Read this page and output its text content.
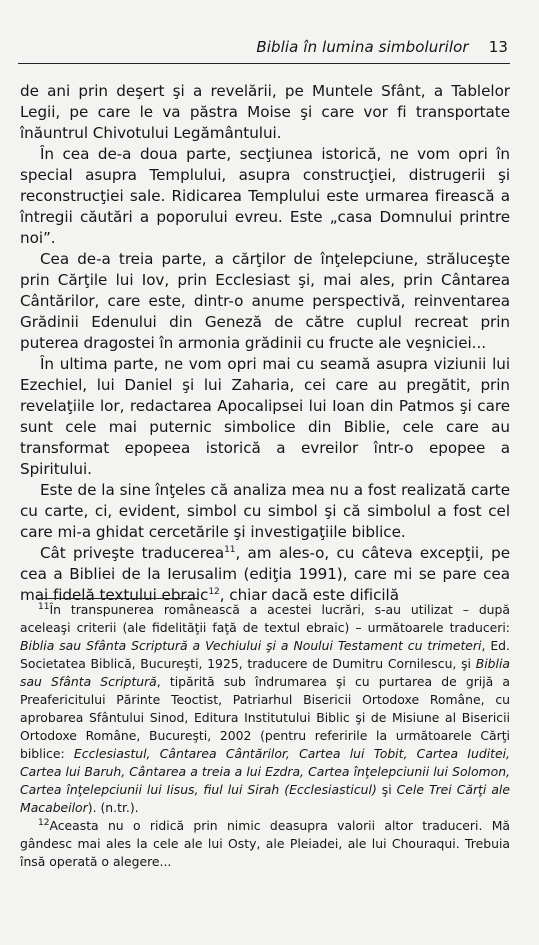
Biblia în lumina simbolurilor 13

de ani prin deşert şi a revelării, pe Muntele Sfânt, a Tablelor Legii, pe care le va păstra Moise şi care vor fi transportate înăuntrul Chivotului Legământului.

În cea de-a doua parte, secţiunea istorică, ne vom opri în special asupra Templului, asupra construcţiei, distrugerii şi reconstrucţiei sale. Ridicarea Templului este urmarea firească a întregii căutări a poporului evreu. Este „casa Domnului printre noi”.

Cea de-a treia parte, a cărţilor de înţelepciune, străluceşte prin Cărţile lui Iov, prin Ecclesiast şi, mai ales, prin Cântarea Cântărilor, care este, dintr-o anume perspectivă, reinventarea Grădinii Edenului din Geneză de către cuplul recreat prin puterea dragostei în armonia grădinii cu fructe ale veşniciei...

În ultima parte, ne vom opri mai cu seamă asupra viziunii lui Ezechiel, lui Daniel şi lui Zaharia, cei care au pregătit, prin revelaţiile lor, redactarea Apocalipsei lui Ioan din Patmos şi care sunt cele mai puternic simbolice din Biblie, cele care au transformat epopeea istorică a evreilor într-o epopee a Spiritului.

Este de la sine înţeles că analiza mea nu a fost realizată carte cu carte, ci, evident, simbol cu simbol şi că simbolul a fost cel care mi-a ghidat cercetările şi investigaţiile biblice.

Cât priveşte traducerea$^{11}$, am ales-o, cu câteva excepţii, pe cea a Bibliei de la Ierusalim (ediţia 1991), care mi se pare cea mai fidelă textului ebraic$^{12}$, chiar dacă este dificilă

$^{11}$În transpunerea românească a acestei lucrări, s-au utilizat – după aceleaşi criterii (ale fidelităţii faţă de textul ebraic) – următoarele traduceri: Biblia sau Sfânta Scriptură a Vechiului şi a Noului Testament cu trimeteri, Ed. Societatea Biblică, Bucureşti, 1925, traducere de Dumitru Cornilescu, şi Biblia sau Sfânta Scriptură, tipărită sub îndrumarea şi cu purtarea de grijă a Preafericitului Părinte Teoctist, Patriarhul Bisericii Ortodoxe Române, cu aprobarea Sfântului Sinod, Editura Institutului Biblic şi de Misiune al Bisericii Ortodoxe Române, Bucureşti, 2002 (pentru referirile la următoarele Cărţi biblice: Ecclesiastul, Cântarea Cântărilor, Cartea lui Tobit, Cartea Iuditei, Cartea lui Baruh, Cântarea a treia a lui Ezdra, Cartea înţelepciunii lui Solomon, Cartea înţelepciunii lui Iisus, fiul lui Sirah (Ecclesiasticul) şi Cele Trei Cărţi ale Macabeilor). (n.tr.).

$^{12}$Aceasta nu o ridică prin nimic deasupra valorii altor traduceri. Mă gândesc mai ales la cele ale lui Osty, ale Pleiadei, ale lui Chouraqui. Trebuia însă operată o alegere...
